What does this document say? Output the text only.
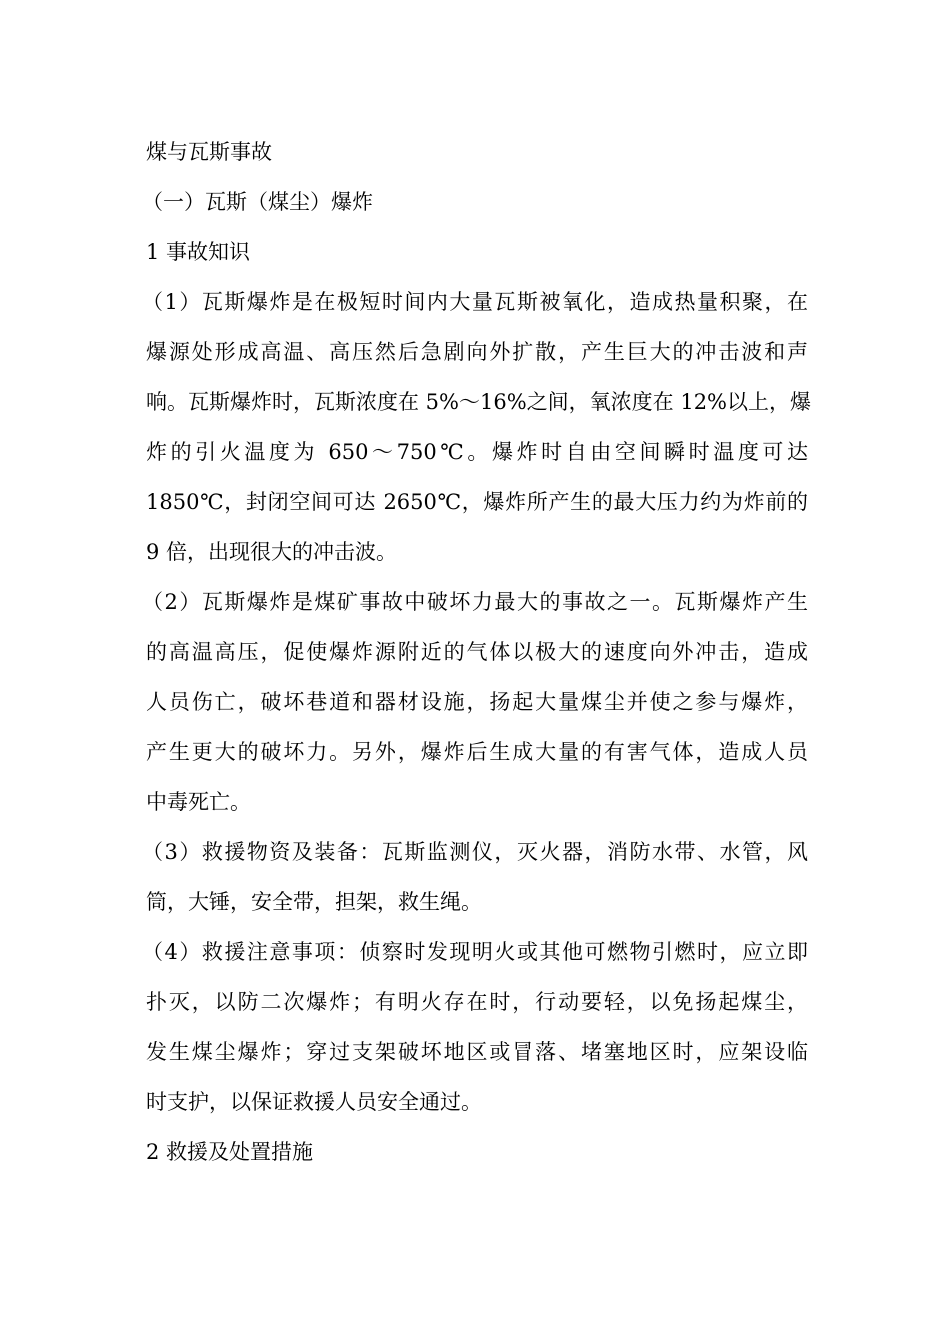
煤与瓦斯事故
（一）瓦斯（煤尘）爆炸
1 事故知识
（1）瓦斯爆炸是在极短时间内大量瓦斯被氧化，造成热量积聚，在
爆源处形成高温、高压然后急剧向外扩散，产生巨大的冲击波和声
响。瓦斯爆炸时，瓦斯浓度在 5%～16%之间，氧浓度在 12%以上，爆
炸的引火温度为 650～750℃。爆炸时自由空间瞬时温度可达
1850℃，封闭空间可达 2650℃，爆炸所产生的最大压力约为炸前的
9 倍，出现很大的冲击波。
（2）瓦斯爆炸是煤矿事故中破坏力最大的事故之一。瓦斯爆炸产生
的高温高压，促使爆炸源附近的气体以极大的速度向外冲击，造成
人员伤亡，破坏巷道和器材设施，扬起大量煤尘并使之参与爆炸，
产生更大的破坏力。另外，爆炸后生成大量的有害气体，造成人员
中毒死亡。
（3）救援物资及装备：瓦斯监测仪，灭火器，消防水带、水管，风
筒，大锤，安全带，担架，救生绳。
（4）救援注意事项：侦察时发现明火或其他可燃物引燃时，应立即
扑灭，以防二次爆炸；有明火存在时，行动要轻，以免扬起煤尘，
发生煤尘爆炸；穿过支架破坏地区或冒落、堵塞地区时，应架设临
时支护，以保证救援人员安全通过。
2 救援及处置措施
